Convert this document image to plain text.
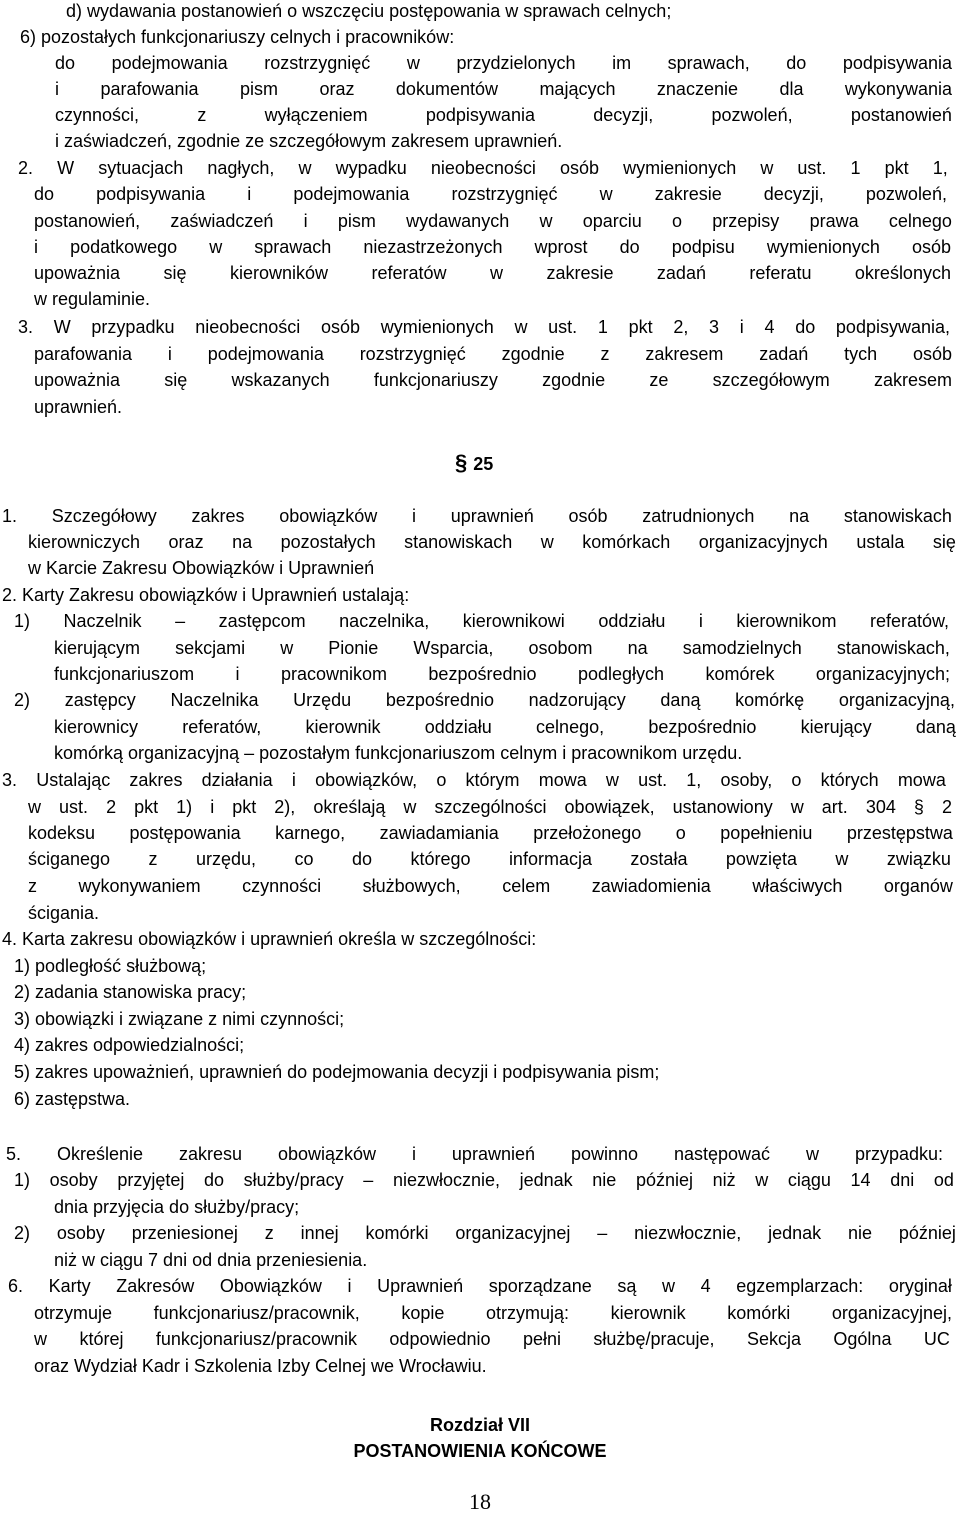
d) wydawania postanowień o wszczęciu postępowania w sprawach celnych;
6) pozostałych funkcjonariuszy celnych i pracowników:
do podejmowania rozstrzygnięć w przydzielonych im sprawach, do podpisywania
i parafowania pism oraz dokumentów mających znaczenie dla wykonywania
czynności,	z	wyłączeniem	podpisywania	decyzji,	pozwoleń,	postanowień
i zaświadczeń, zgodnie ze szczegółowym zakresem uprawnień.
2. W sytuacjach nagłych, w wypadku nieobecności osób wymienionych w ust. 1 pkt 1,
do podpisywania i podejmowania rozstrzygnięć w zakresie decyzji, pozwoleń,
postanowień, zaświadczeń i pism wydawanych w oparciu o przepisy prawa celnego
i podatkowego w sprawach niezastrzeżonych wprost do podpisu wymienionych osób
upoważnia się kierowników referatów w zakresie zadań referatu określonych
w regulaminie.
3. W przypadku nieobecności osób wymienionych w ust. 1 pkt 2, 3 i 4 do podpisywania,
parafowania i podejmowania rozstrzygnięć zgodnie z zakresem zadań tych osób
upoważnia się wskazanych funkcjonariuszy zgodnie ze szczegółowym zakresem
uprawnień.
§ 25
1. Szczegółowy zakres obowiązków i uprawnień osób zatrudnionych na stanowiskach
kierowniczych oraz na pozostałych stanowiskach w komórkach organizacyjnych ustala się
w Karcie Zakresu Obowiązków i Uprawnień
2. Karty Zakresu obowiązków i Uprawnień ustalają:
1) Naczelnik – zastępcom naczelnika, kierownikowi oddziału i kierownikom referatów,
kierującym sekcjami w Pionie Wsparcia, osobom na samodzielnych stanowiskach,
funkcjonariuszom i pracownikom bezpośrednio podległych komórek organizacyjnych;
2) zastępcy Naczelnika Urzędu bezpośrednio nadzorujący daną komórkę organizacyjną,
kierownicy referatów, kierownik oddziału celnego, bezpośrednio kierujący daną
komórką organizacyjną – pozostałym funkcjonariuszom celnym i pracownikom urzędu.
3. Ustalając zakres działania i obowiązków, o którym mowa w ust. 1, osoby, o których mowa
w ust. 2 pkt 1) i pkt 2), określają w szczególności obowiązek, ustanowiony w art. 304 § 2
kodeksu postępowania karnego, zawiadamiania przełożonego o popełnieniu przestępstwa
ściganego z urzędu, co do którego informacja została powzięta w związku
z wykonywaniem czynności służbowych, celem zawiadomienia właściwych organów
ścigania.
4. Karta zakresu obowiązków i uprawnień określa w szczególności:
1) podległość służbową;
2) zadania stanowiska pracy;
3) obowiązki i związane z nimi czynności;
4) zakres odpowiedzialności;
5) zakres upoważnień, uprawnień do podejmowania decyzji i podpisywania pism;
6) zastępstwa.
5. Określenie zakresu obowiązków i uprawnień powinno następować w przypadku:
1) osoby przyjętej do służby/pracy – niezwłocznie, jednak nie później niż w ciągu 14 dni od
dnia przyjęcia do służby/pracy;
2) osoby przeniesionej z innej komórki organizacyjnej – niezwłocznie, jednak nie później
niż w ciągu 7 dni od dnia przeniesienia.
6. Karty Zakresów Obowiązków i Uprawnień sporządzane są w 4 egzemplarzach: oryginał
otrzymuje funkcjonariusz/pracownik, kopie otrzymują: kierownik komórki organizacyjnej,
w której funkcjonariusz/pracownik odpowiednio pełni służbę/pracuje, Sekcja Ogólna UC
oraz Wydział Kadr i Szkolenia Izby Celnej we Wrocławiu.
Rozdział VII
POSTANOWIENIA KOŃCOWE
18
